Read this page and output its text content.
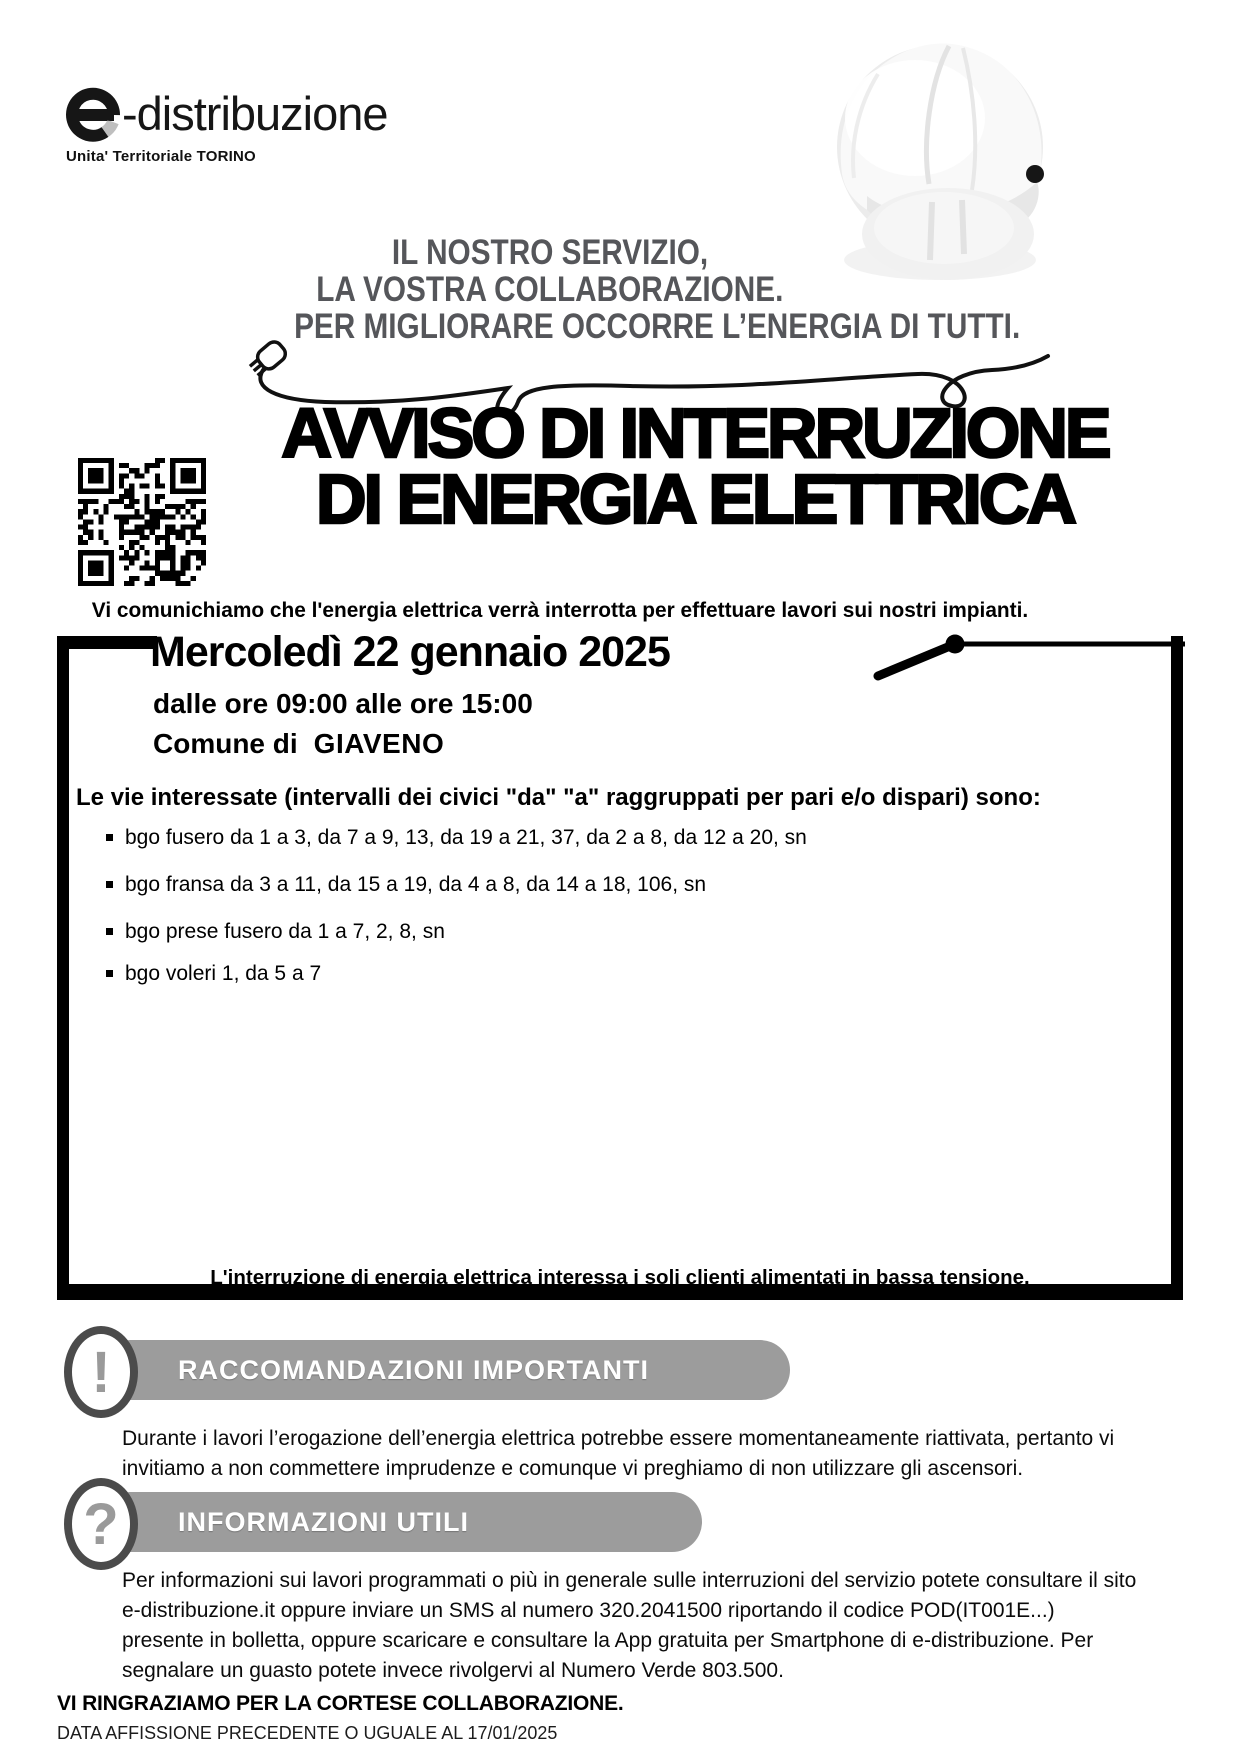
-distribuzione
Unita' Territoriale TORINO
IL NOSTRO SERVIZIO,
LA VOSTRA COLLABORAZIONE.
PER MIGLIORARE OCCORRE L’ENERGIA DI TUTTI.
AVVISO DI INTERRUZIONE
DI ENERGIA ELETTRICA
Vi comunichiamo che l'energia elettrica verrà interrotta per effettuare lavori sui nostri impianti.
Mercoledì 22 gennaio 2025
dalle ore 09:00 alle ore 15:00
Comune di GIAVENO
Le vie interessate (intervalli dei civici "da" "a" raggruppati per pari e/o dispari) sono:
bgo fusero da 1 a 3, da 7 a 9, 13, da 19 a 21, 37, da 2 a 8, da 12 a 20, sn
bgo fransa da 3 a 11, da 15 a 19, da 4 a 8, da 14 a 18, 106, sn
bgo prese fusero da 1 a 7, 2, 8, sn
bgo voleri 1, da 5 a 7
L'interruzione di energia elettrica interessa i soli clienti alimentati in bassa tensione.
!	RACCOMANDAZIONI IMPORTANTI
Durante i lavori l’erogazione dell’energia elettrica potrebbe essere momentaneamente riattivata, pertanto vi
invitiamo a non commettere imprudenze e comunque vi preghiamo di non utilizzare gli ascensori.
?	INFORMAZIONI UTILI
Per informazioni sui lavori programmati o più in generale sulle interruzioni del servizio potete consultare il sito
e-distribuzione.it oppure inviare un SMS al numero 320.2041500 riportando il codice POD(IT001E...)
presente in bolletta, oppure scaricare e consultare la App gratuita per Smartphone di e-distribuzione. Per
segnalare un guasto potete invece rivolgervi al Numero Verde 803.500.
VI RINGRAZIAMO PER LA CORTESE COLLABORAZIONE.
DATA AFFISSIONE PRECEDENTE O UGUALE AL 17/01/2025
